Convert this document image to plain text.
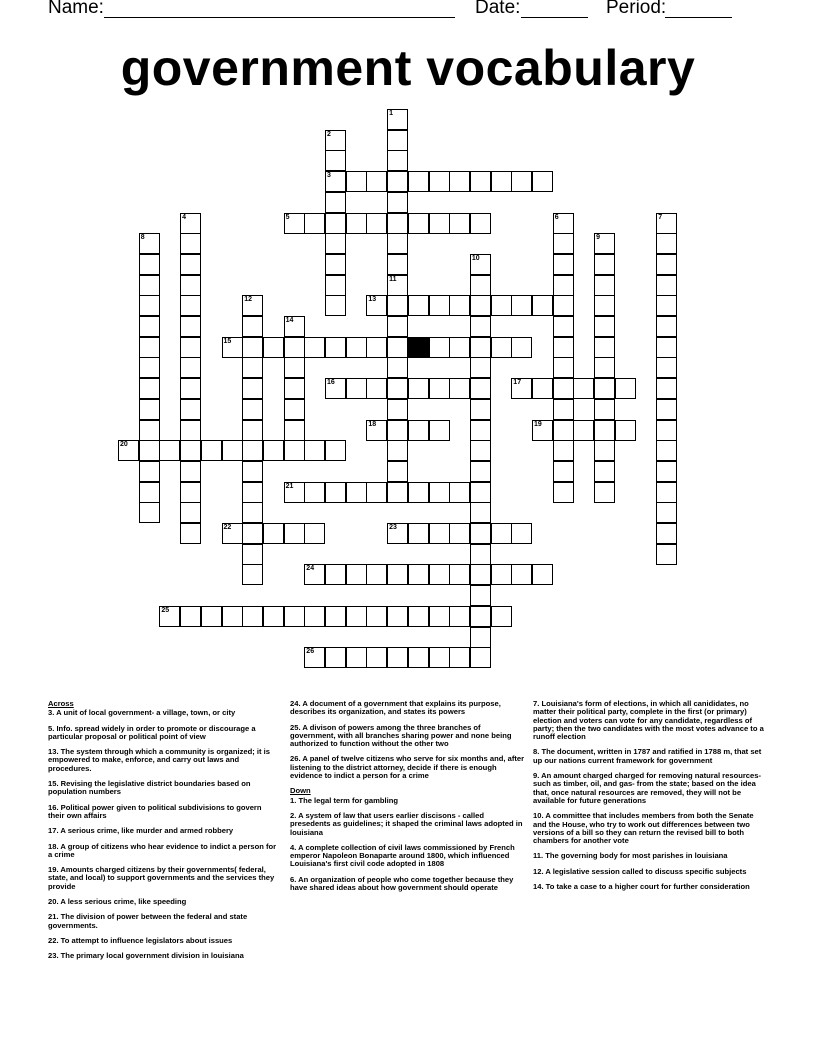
Name:	Date:	Period:
government vocabulary
1
2
3
4	5	6	7
8	9
10
11
12	13
14
15
16	17
18	19
20
21
22	23
24
25
26
Across
3. A unit of local government- a village, town, or city
5. Info. spread widely in order to promote or discourage a particular proposal or political point of view
13. The system through which a community is organized; it is empowered to make, enforce, and carry out laws and procedures.
15. Revising the legislative district boundaries based on population numbers
16. Political power given to political subdivisions to govern their own affairs
17. A serious crime, like murder and armed robbery
18. A group of citizens who hear evidence to indict a person for a crime
19. Amounts charged citizens by their governments( federal, state, and local) to support governments and the services they provide
20. A less serious crime, like speeding
21. The division of power between the federal and state governments.
22. To attempt to influence legislators about issues
23. The primary local government division in louisiana
24. A document of a government that explains its purpose, describes its organization, and states its powers
25. A divison of powers among the three branches of government, with all branches sharing power and none being authorized to function without the other two
26. A panel of twelve citizens who serve for six months and, after listening to the district attorney, decide if there is enough evidence to indict a person for a crime
Down
1. The legal term for gambling
2. A system of law that users earlier discisons - called presedents as guidelines; it shaped the criminal laws adopted in louisiana
4. A complete collection of civil laws commissioned by French emperor Napoleon Bonaparte around 1800, which influenced Louisiana's first civil code adopted in 1808
6. An organization of people who come together because they have shared ideas about how government should operate
7. Louisiana's form of elections, in which all canididates, no matter their political party, complete in the first (or primary) election and voters can vote for any candidate, regardless of party; then the two candidates with the most votes advance to a runoff election
8. The document, written in 1787 and ratified in 1788 m, that set up our nations current framework for government
9. An amount charged charged for removing natural resources- such as timber, oil, and gas- from the state; based on the idea that, once natural resources are removed, they will not be available for future generations
10. A committee that includes members from both the Senate and the House, who try to work out differences between two versions of a bill so they can return the revised bill to both chambers for another vote
11. The governing body for most parishes in louisiana
12. A legislative session called to discuss specific subjects
14. To take a case to a higher court for further consideration
